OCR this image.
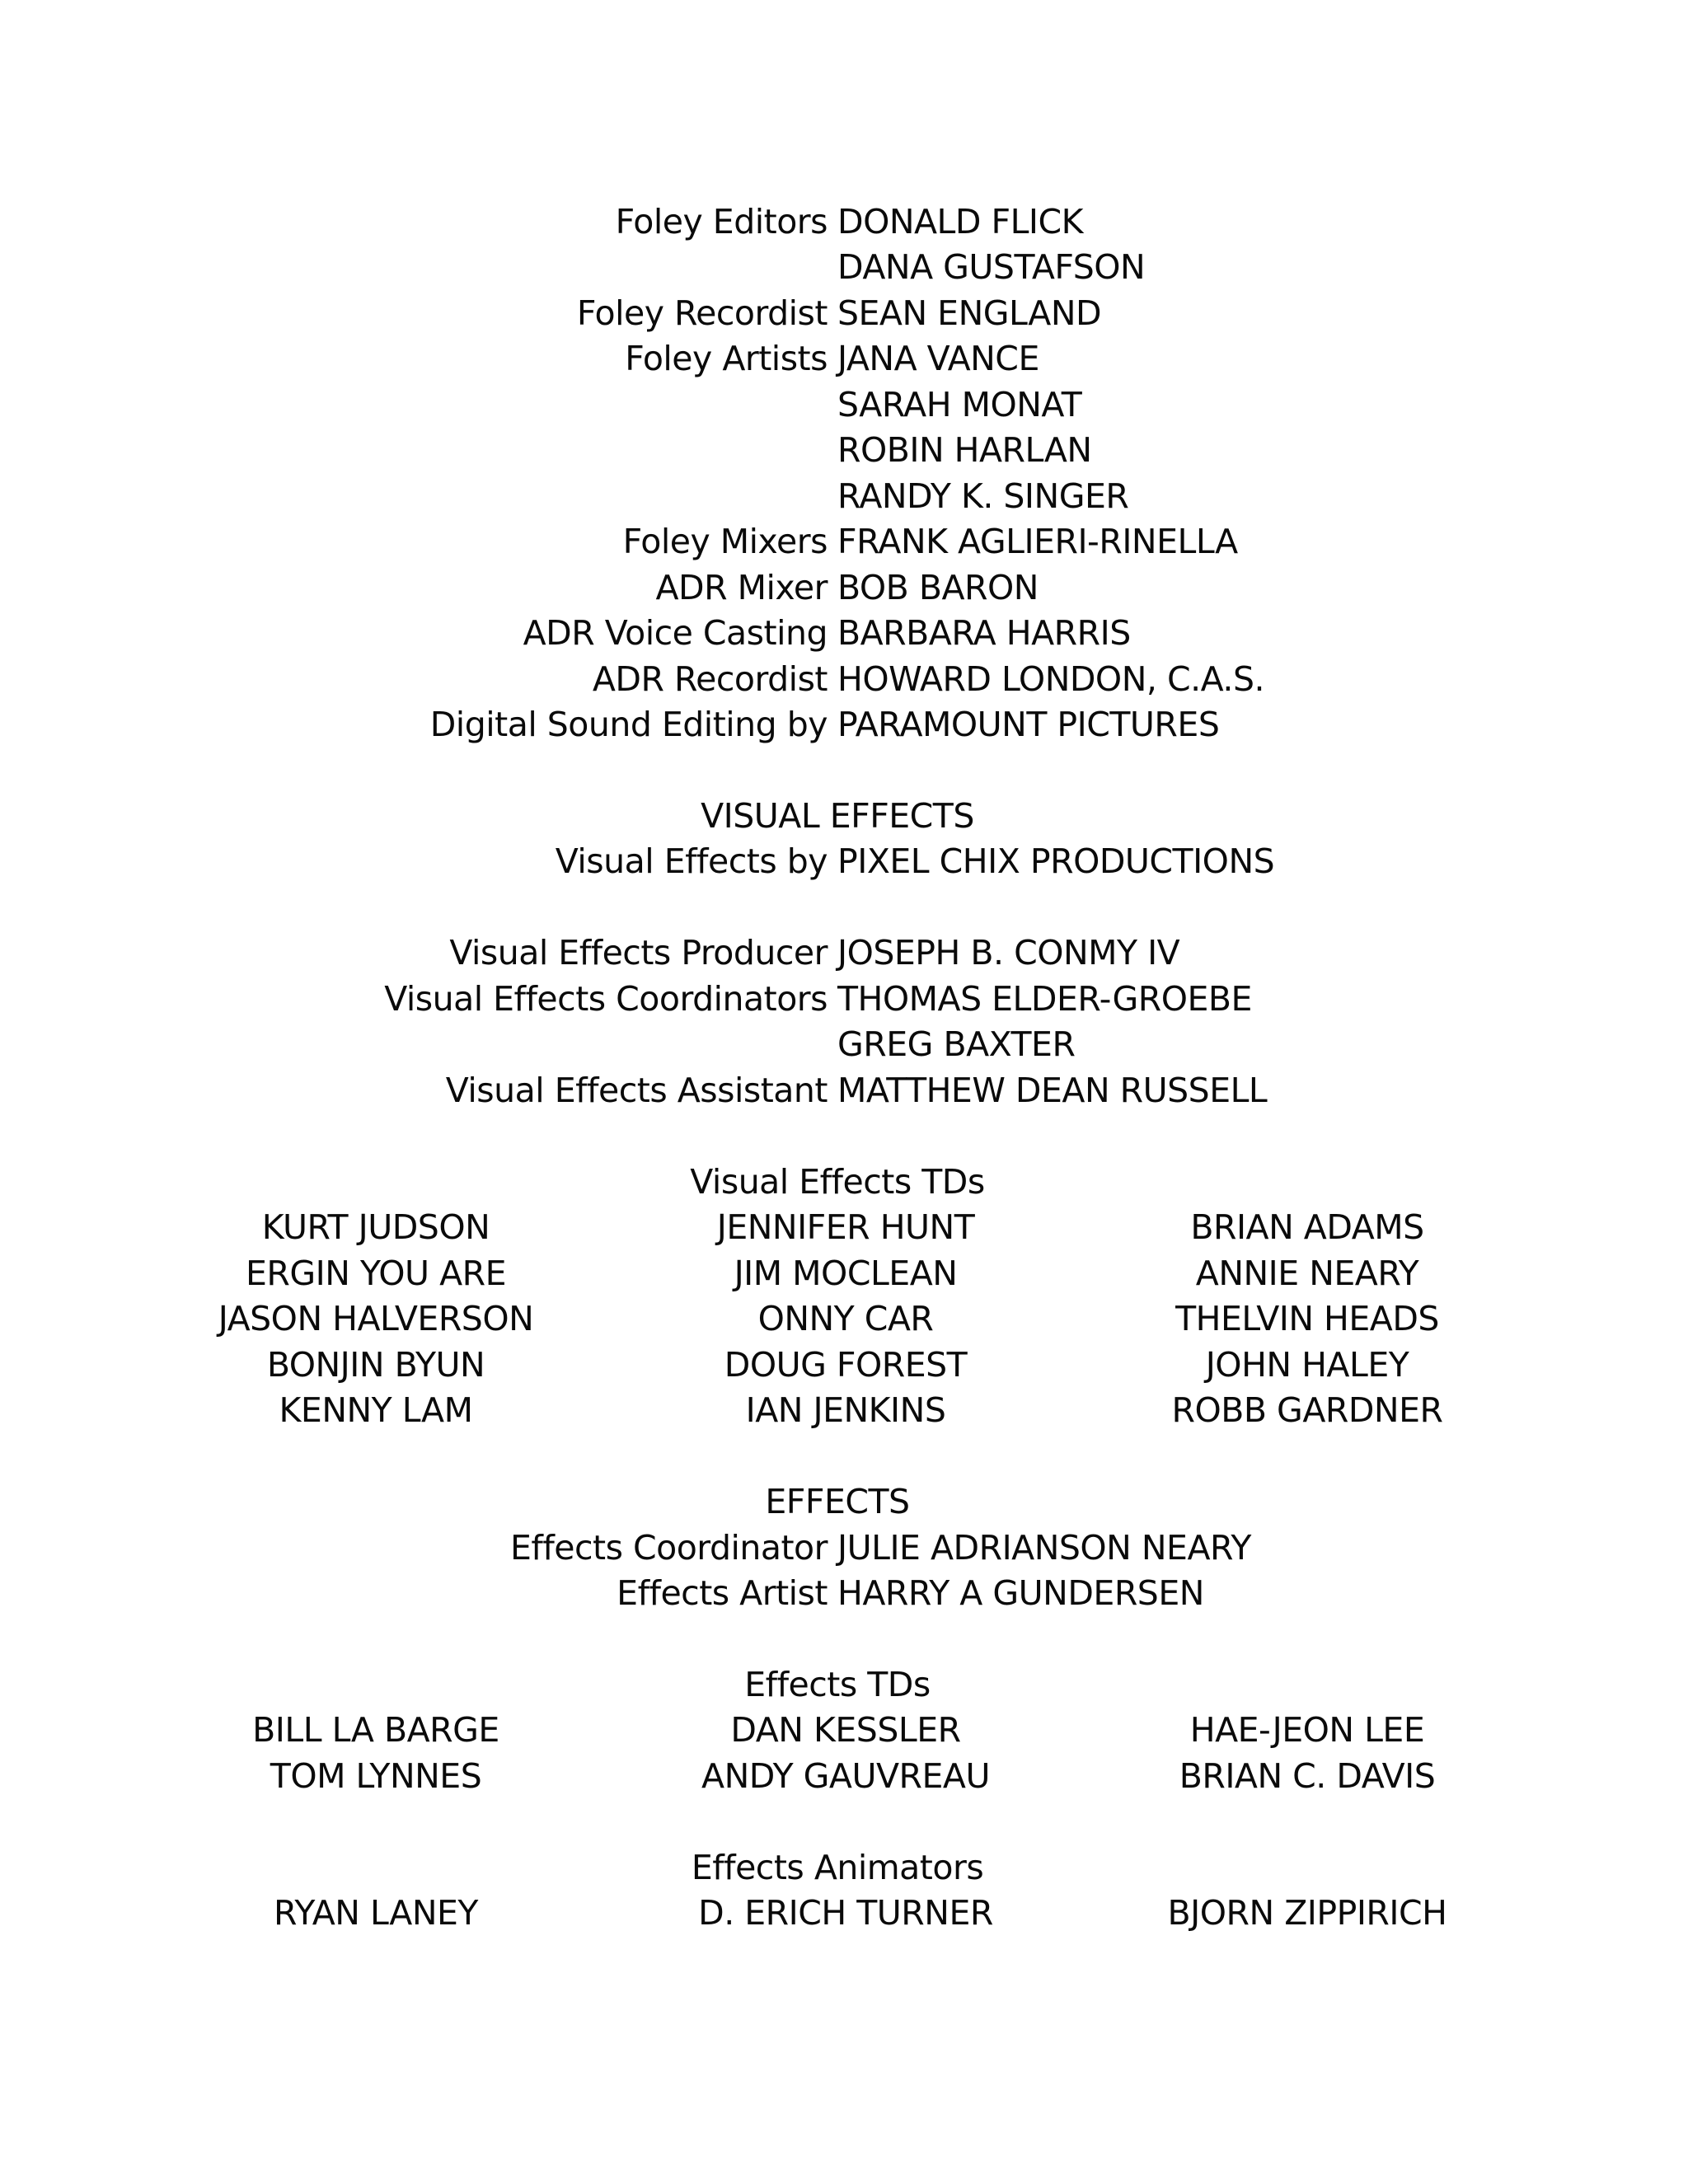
Foley Editors DONALD FLICK
DANA GUSTAFSON
Foley Recordist SEAN ENGLAND
Foley Artists JANA VANCE
SARAH MONAT
ROBIN HARLAN
RANDY K. SINGER
Foley Mixers FRANK AGLIERI-RINELLA
ADR Mixer BOB BARON
ADR Voice Casting BARBARA HARRIS
ADR Recordist HOWARD LONDON, C.A.S.
Digital Sound Editing by PARAMOUNT PICTURES
VISUAL EFFECTS
Visual Effects by PIXEL CHIX PRODUCTIONS
Visual Effects Producer JOSEPH B. CONMY IV
Visual Effects Coordinators THOMAS ELDER-GROEBE
GREG BAXTER
Visual Effects Assistant MATTHEW DEAN RUSSELL
Visual Effects TDs
KURT JUDSON	JENNIFER HUNT	BRIAN ADAMS
ERGIN YOU ARE	JIM MOCLEAN	ANNIE NEARY
JASON HALVERSON	ONNY CAR	THELVIN HEADS
BONJIN BYUN	DOUG FOREST	JOHN HALEY
KENNY LAM	IAN JENKINS	ROBB GARDNER
EFFECTS
Effects Coordinator JULIE ADRIANSON NEARY
Effects Artist HARRY A GUNDERSEN
Effects TDs
BILL LA BARGE	DAN KESSLER	HAE-JEON LEE
TOM LYNNES	ANDY GAUVREAU	BRIAN C. DAVIS
Effects Animators
RYAN LANEY	D. ERICH TURNER	BJORN ZIPPIRICH
